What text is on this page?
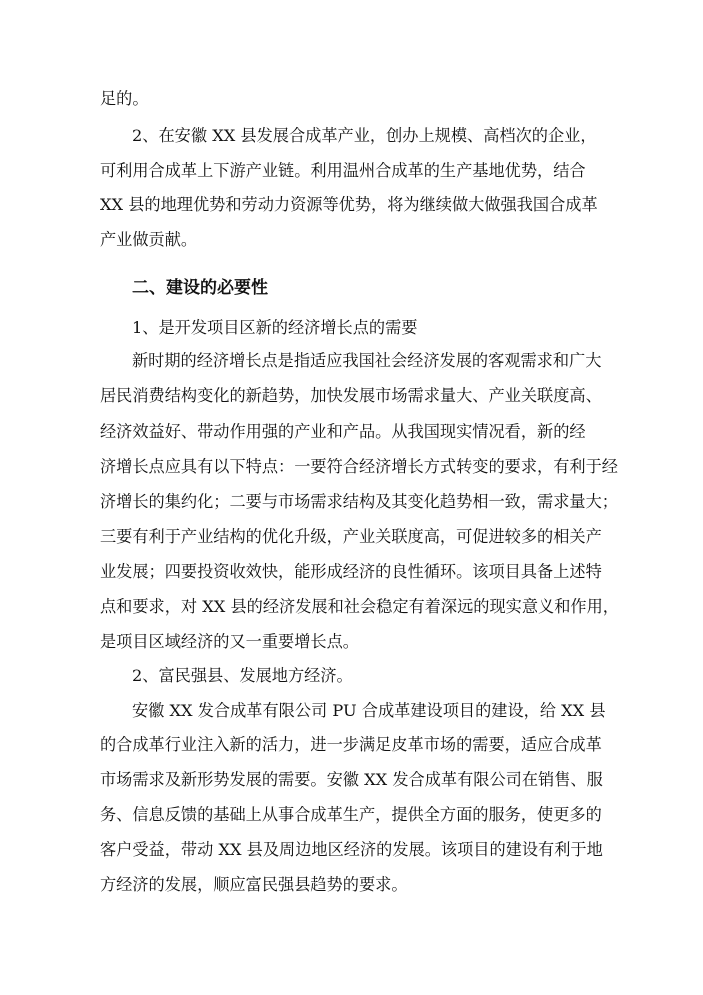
足的。
2、在安徽 XX 县发展合成革产业，创办上规模、高档次的企业，
可利用合成革上下游产业链。利用温州合成革的生产基地优势，结合
XX 县的地理优势和劳动力资源等优势，将为继续做大做强我国合成革
产业做贡献。
二、建设的必要性
1、是开发项目区新的经济增长点的需要
新时期的经济增长点是指适应我国社会经济发展的客观需求和广大
居民消费结构变化的新趋势，加快发展市场需求量大、产业关联度高、
经济效益好、带动作用强的产业和产品。从我国现实情况看，新的经
济增长点应具有以下特点：一要符合经济增长方式转变的要求，有利于经
济增长的集约化；二要与市场需求结构及其变化趋势相一致，需求量大；
三要有利于产业结构的优化升级，产业关联度高，可促进较多的相关产
业发展；四要投资收效快，能形成经济的良性循环。该项目具备上述特
点和要求，对 XX 县的经济发展和社会稳定有着深远的现实意义和作用，
是项目区域经济的又一重要增长点。
2、富民强县、发展地方经济。
安徽 XX 发合成革有限公司 PU 合成革建设项目的建设，给 XX 县
的合成革行业注入新的活力，进一步满足皮革市场的需要，适应合成革
市场需求及新形势发展的需要。安徽 XX 发合成革有限公司在销售、服
务、信息反馈的基础上从事合成革生产，提供全方面的服务，使更多的
客户受益，带动 XX 县及周边地区经济的发展。该项目的建设有利于地
方经济的发展，顺应富民强县趋势的要求。
